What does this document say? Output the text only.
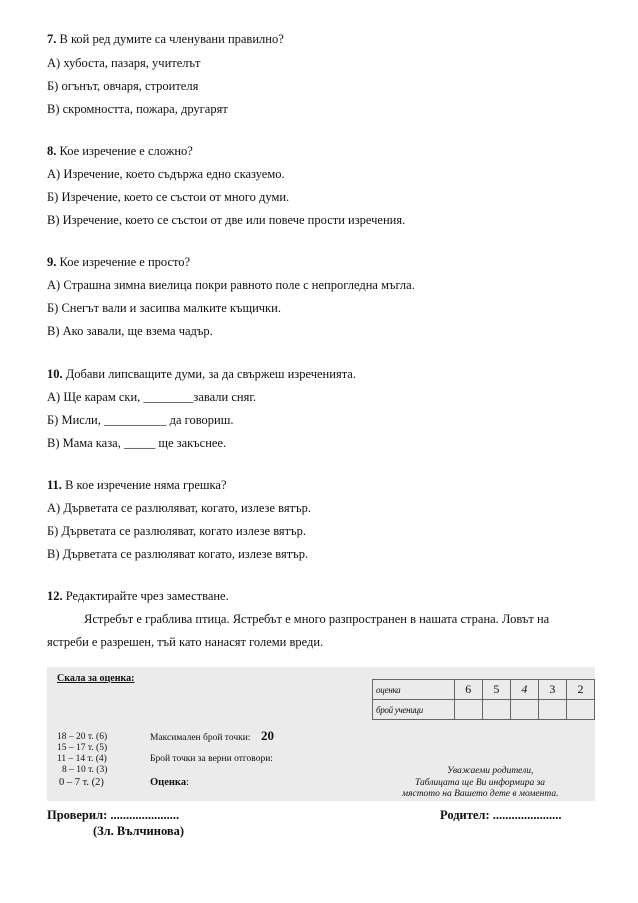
7. В кой ред думите са членувани правилно?
А) хубоста, пазаря, учителът
Б) огънът, овчаря, строителя
В) скромността, пожара, другарят
8. Кое изречение е сложно?
А) Изречение, което съдържа едно сказуемо.
Б) Изречение, което се състои от много думи.
В) Изречение, което се състои от две или повече прости изречения.
9. Кое изречение е просто?
А) Страшна зимна виелица покри равното поле с непрогледна мъгла.
Б) Снегът вали и засипва малките къщички.
В) Ако завали, ще взема чадър.
10. Добави липсващите думи, за да свържеш изреченията.
А) Ще карам ски, ________завали сняг.
Б) Мисли, __________ да говориш.
В) Мама каза, _____ ще закъснее.
11. В кое изречение няма грешка?
А) Дърветата се разлюляват, когато, излезе вятър.
Б) Дърветата се разлюляват, когато излезе вятър.
В) Дърветата се разлюляват когато, излезе вятър.
12. Редактирайте чрез заместване.
Ястребът е граблива птица. Ястребът е много разпространен в нашата страна. Ловът на
ястреби е разрешен, тъй като нанасят големи вреди.
Скала за оценка:
оценка	6	5	4	3	2
брой ученици					
18 – 20 т. (6)
15 – 17 т. (5)
11 – 14 т. (4)
8 – 10 т. (3)
0 – 7 т. (2)
Максимален брой точки: 20
Брой точки за верни отговори:
Оценка:
Уважаеми родители,
Таблицата ще Ви информира за
мястото на Вашето дете в момента.
Проверил: ......................
(Зл. Вълчинова)
Родител: ......................
